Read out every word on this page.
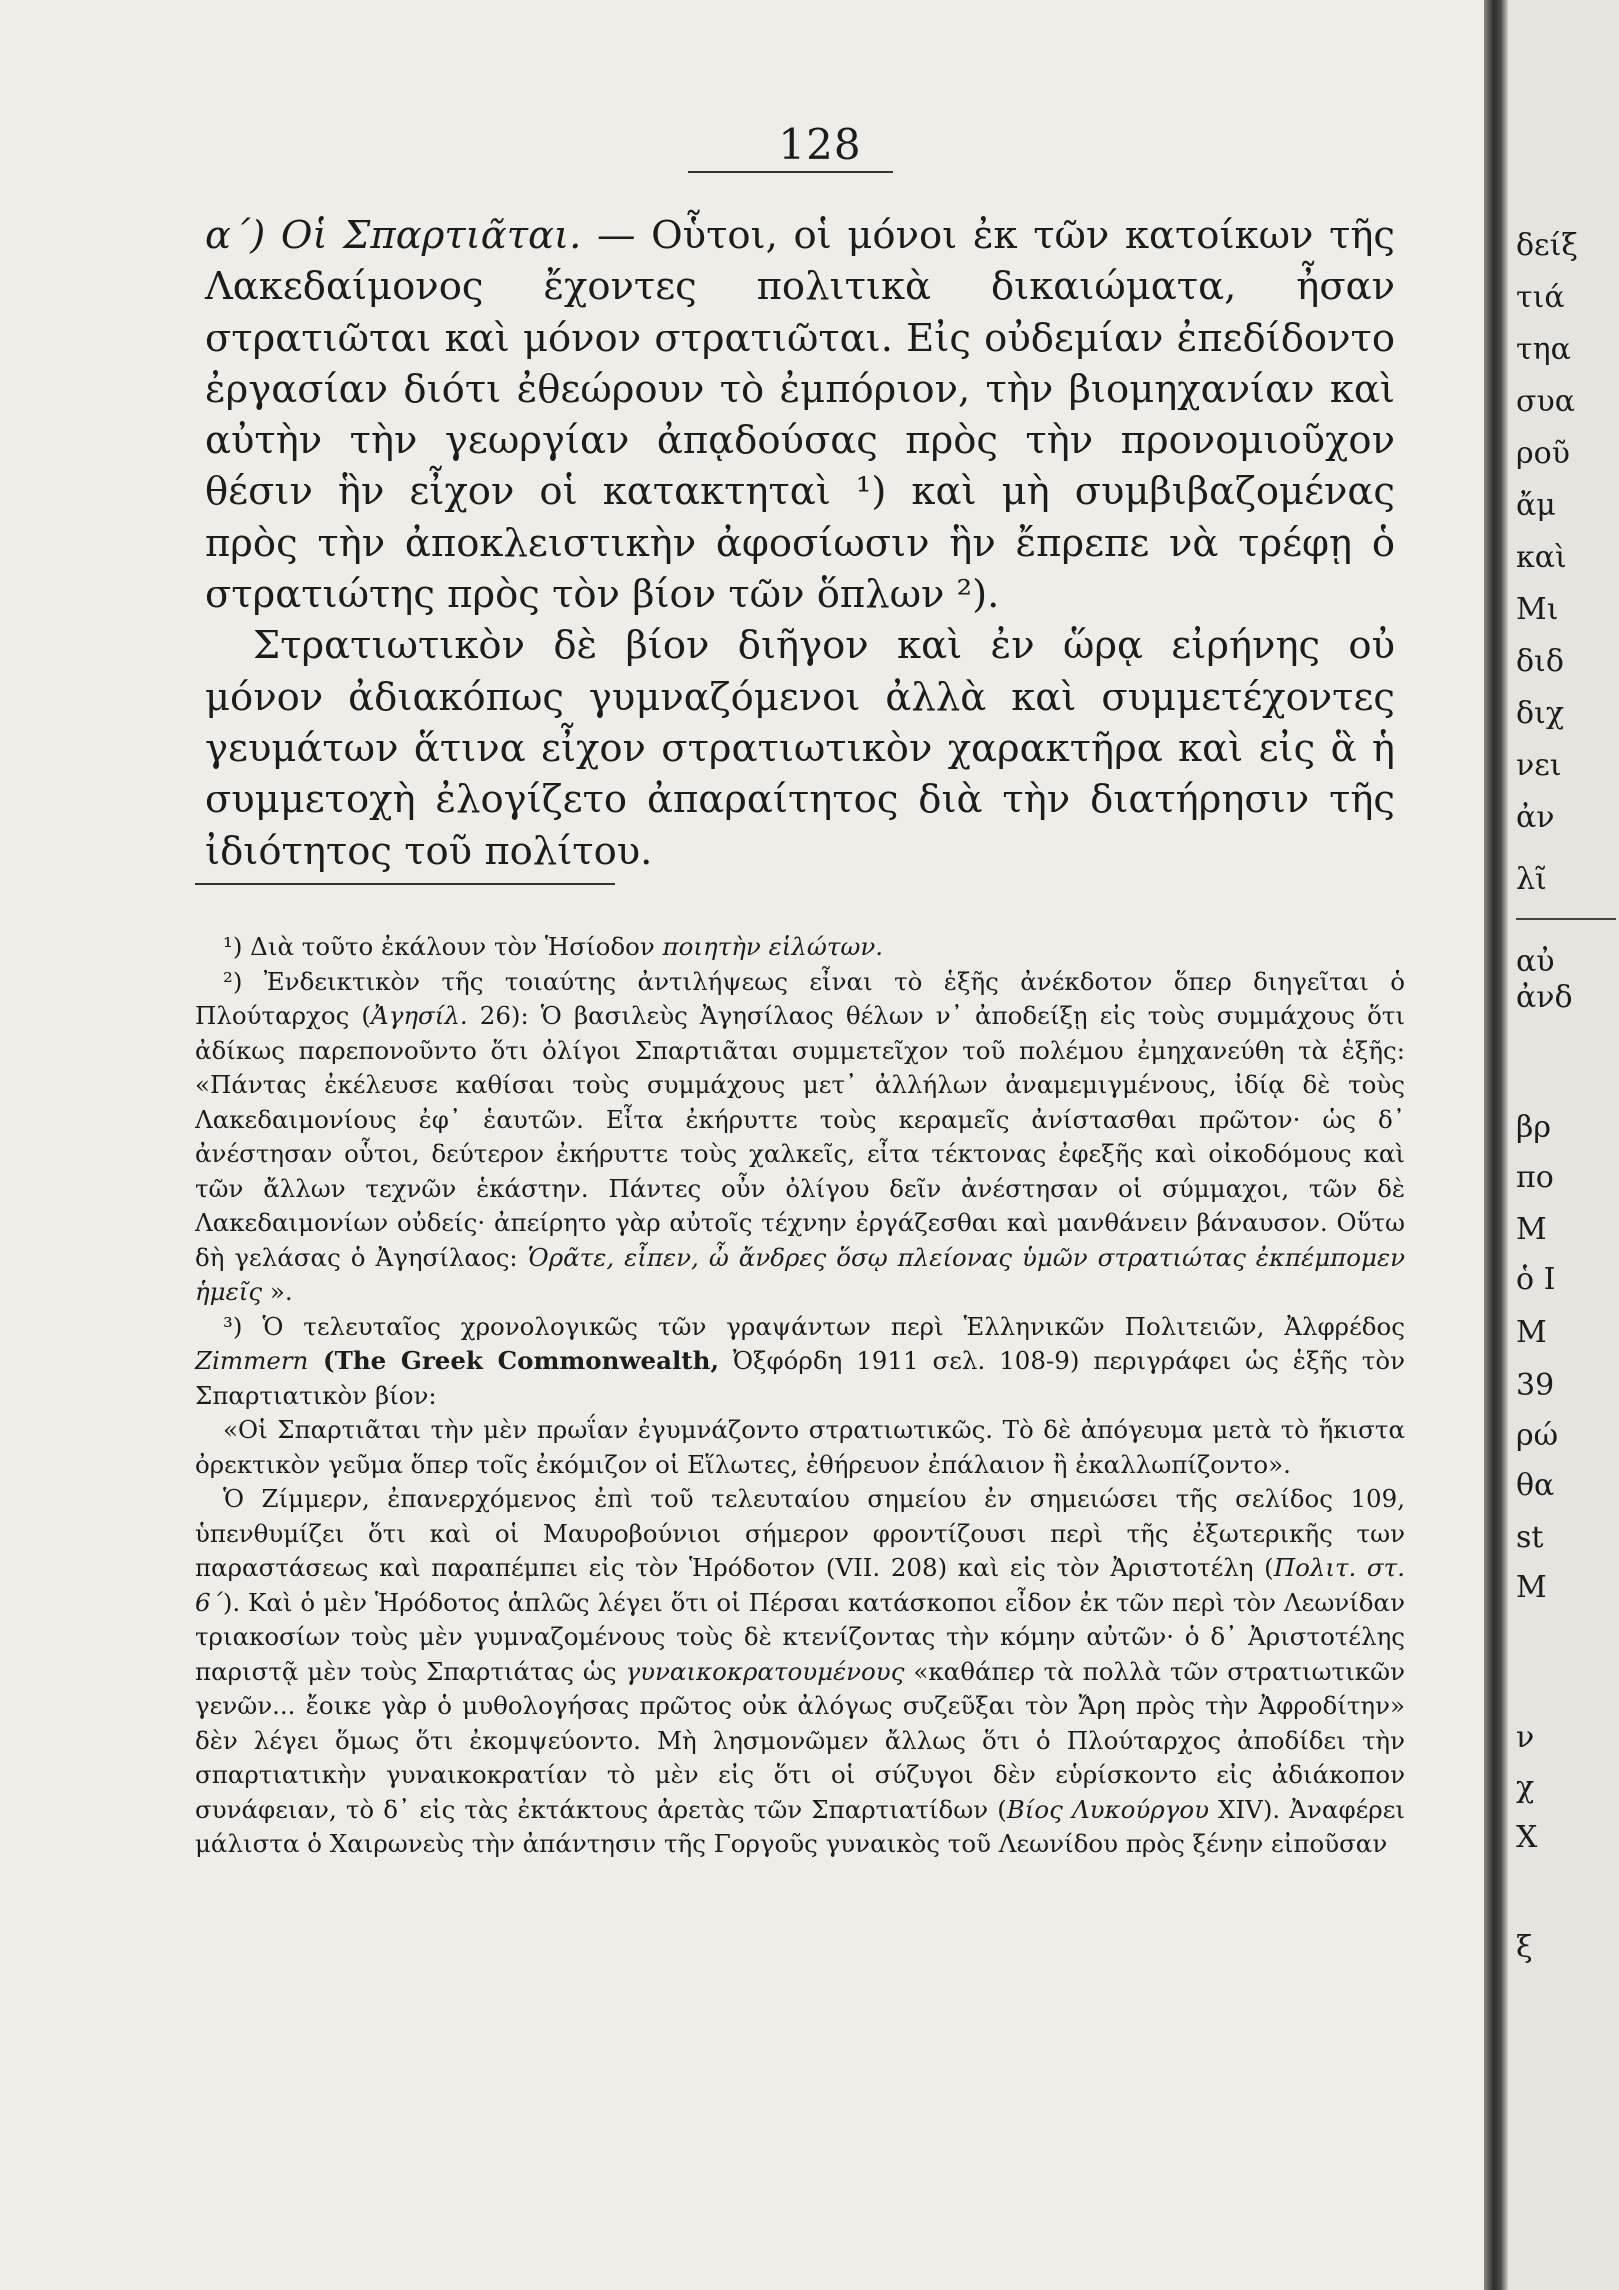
128

α΄) Οἱ Σπαρτιᾶται. — Οὗτοι, οἱ μόνοι ἐκ τῶν κατοίκων τῆς Λακεδαίμονος ἔχοντες πολιτικὰ δικαιώματα, ἦσαν στρατιῶται καὶ μόνον στρατιῶται. Εἰς οὐδεμίαν ἐπεδίδοντο ἐργασίαν διότι ἐθεώρουν τὸ ἐμπόριον, τὴν βιομηχανίαν καὶ αὐτὴν τὴν γεωργίαν ἀπᾳδούσας πρὸς τὴν προνομιοῦχον θέσιν ἣν εἶχον οἱ κατακτηταὶ ¹) καὶ μὴ συμβιβαζομένας πρὸς τὴν ἀποκλειστικὴν ἀφοσίωσιν ἣν ἔπρεπε νὰ τρέφῃ ὁ στρατιώτης πρὸς τὸν βίον τῶν ὅπλων ²).

Στρατιωτικὸν δὲ βίον διῆγον καὶ ἐν ὥρᾳ εἰρήνης οὐ μόνον ἀδιακόπως γυμναζόμενοι ἀλλὰ καὶ συμμετέχοντες γευμάτων ἅτινα εἶχον στρατιωτικὸν χαρακτῆρα καὶ εἰς ἃ ἡ συμμετοχὴ ἐλογίζετο ἀπαραίτητος διὰ τὴν διατήρησιν τῆς ἰδιότητος τοῦ πολίτου.

¹) Διὰ τοῦτο ἐκάλουν τὸν Ἡσίοδον ποιητὴν εἱλώτων.

²) Ἐνδεικτικὸν τῆς τοιαύτης ἀντιλήψεως εἶναι τὸ ἑξῆς ἀνέκδοτον ὅπερ διηγεῖται ὁ Πλούταρχος (Ἀγησίλ. 26): Ὁ βασιλεὺς Ἀγησίλαος θέλων ν᾽ ἀποδείξῃ εἰς τοὺς συμμάχους ὅτι ἀδίκως παρεπονοῦντο ὅτι ὀλίγοι Σπαρτιᾶται συμμετεῖχον τοῦ πολέμου ἐμηχανεύθη τὰ ἑξῆς: «Πάντας ἐκέλευσε καθίσαι τοὺς συμμάχους μετ᾽ ἀλλήλων ἀναμεμιγμένους, ἰδίᾳ δὲ τοὺς Λακεδαιμονίους ἐφ᾽ ἑαυτῶν. Εἶτα ἐκήρυττε τοὺς κεραμεῖς ἀνίστασθαι πρῶτον· ὡς δ᾽ ἀνέστησαν οὗτοι, δεύτερον ἐκήρυττε τοὺς χαλκεῖς, εἶτα τέκτονας ἐφεξῆς καὶ οἰκοδόμους καὶ τῶν ἄλλων τεχνῶν ἑκάστην. Πάντες οὖν ὀλίγου δεῖν ἀνέστησαν οἱ σύμμαχοι, τῶν δὲ Λακεδαιμονίων οὐδείς· ἀπείρητο γὰρ αὐτοῖς τέχνην ἐργάζεσθαι καὶ μανθάνειν βάναυσον. Οὕτω δὴ γελάσας ὁ Ἀγησίλαος: Ὁρᾶτε, εἶπεν, ὦ ἄνδρες ὅσῳ πλείονας ὑμῶν στρατιώτας ἐκπέμπομεν ἡμεῖς ».

³) Ὁ τελευταῖος χρονολογικῶς τῶν γραψάντων περὶ Ἑλληνικῶν Πολιτειῶν, Ἀλφρέδος Zimmern (The Greek Commonwealth, Ὀξφόρδη 1911 σελ. 108-9) περιγράφει ὡς ἑξῆς τὸν Σπαρτιατικὸν βίον:

«Οἱ Σπαρτιᾶται τὴν μὲν πρωΐαν ἐγυμνάζοντο στρατιωτικῶς. Τὸ δὲ ἀπόγευμα μετὰ τὸ ἥκιστα ὀρεκτικὸν γεῦμα ὅπερ τοῖς ἐκόμιζον οἱ Εἵλωτες, ἐθήρευον ἐπάλαιον ἢ ἐκαλλωπίζοντο».

Ὁ Ζίμμερν, ἐπανερχόμενος ἐπὶ τοῦ τελευταίου σημείου ἐν σημειώσει τῆς σελίδος 109, ὑπενθυμίζει ὅτι καὶ οἱ Μαυροβούνιοι σήμερον φροντίζουσι περὶ τῆς ἐξωτερικῆς των παραστάσεως καὶ παραπέμπει εἰς τὸν Ἡρόδοτον (VII. 208) καὶ εἰς τὸν Ἀριστοτέλη (Πολιτ. στ. 6΄). Καὶ ὁ μὲν Ἡρόδοτος ἁπλῶς λέγει ὅτι οἱ Πέρσαι κατάσκοποι εἶδον ἐκ τῶν περὶ τὸν Λεωνίδαν τριακοσίων τοὺς μὲν γυμναζομένους τοὺς δὲ κτενίζοντας τὴν κόμην αὐτῶν· ὁ δ᾽ Ἀριστοτέλης παριστᾷ μὲν τοὺς Σπαρτιάτας ὡς γυναικοκρατουμένους «καθάπερ τὰ πολλὰ τῶν στρατιωτικῶν γενῶν... ἔοικε γὰρ ὁ μυθολογήσας πρῶτος οὐκ ἀλόγως συζεῦξαι τὸν Ἄρη πρὸς τὴν Ἀφροδίτην» δὲν λέγει ὅμως ὅτι ἐκομψεύοντο. Μὴ λησμονῶμεν ἄλλως ὅτι ὁ Πλούταρχος ἀποδίδει τὴν σπαρτιατικὴν γυναικοκρατίαν τὸ μὲν εἰς ὅτι οἱ σύζυγοι δὲν εὑρίσκοντο εἰς ἀδιάκοπον συνάφειαν, τὸ δ᾽ εἰς τὰς ἐκτάκτους ἀρετὰς τῶν Σπαρτιατίδων (Βίος Λυκούργου XIV). Ἀναφέρει μάλιστα ὁ Χαιρωνεὺς τὴν ἀπάντησιν τῆς Γοργοῦς γυναικὸς τοῦ Λεωνίδου πρὸς ξένην εἰποῦσαν

δείξ
τιά
τηα
συα
ροῦ
ἄμ
καὶ
Μι
διδ
διχ
νει
ἀν
λῖ
αὐ
ἀνδ
βρ
πο
Μ
ὁ Ι
Μ
39
ρώ
θα
st
Μ
ν
χ
Χ
ξ
